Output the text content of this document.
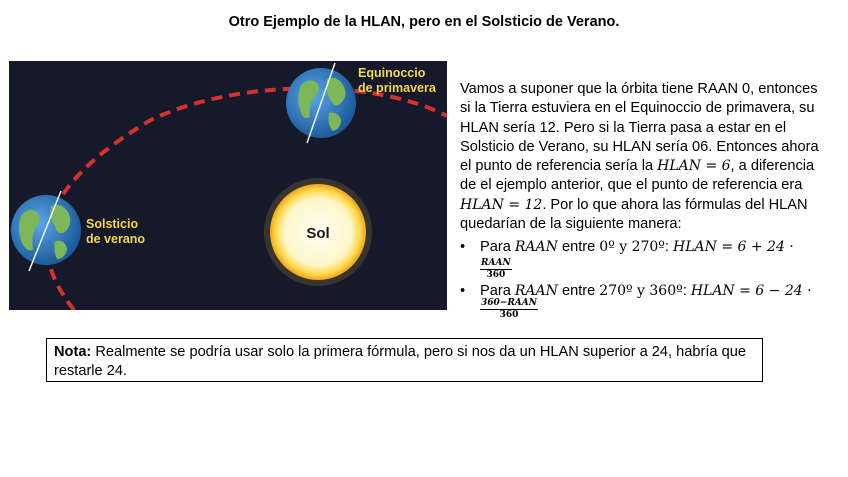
Otro Ejemplo de la HLAN, pero en el Solsticio de Verano.
Sol
Equinoccio
de primavera
Solsticio
de verano

Vamos a suponer que la órbita tiene RAAN 0, entonces si la Tierra estuviera en el Equinoccio de primavera, su HLAN sería 12. Pero si la Tierra pasa a estar en el Solsticio de Verano, su HLAN sería 06. Entonces ahora el punto de referencia sería la HLAN = 6, a diferencia de el ejemplo anterior, que el punto de referencia era HLAN = 12. Por lo que ahora las fórmulas del HLAN quedarían de la siguiente manera:

• Para RAAN entre 0º y 270º: HLAN = 6 + 24 ·
$\frac{\text{RAAN}}{360}$
• Para RAAN entre 270º y 360º: HLAN = 6 − 24 ·
360−RAAN
360
Nota: Realmente se podría usar solo la primera fórmula, pero si nos da un HLAN superior a 24, habría que restarle 24.
